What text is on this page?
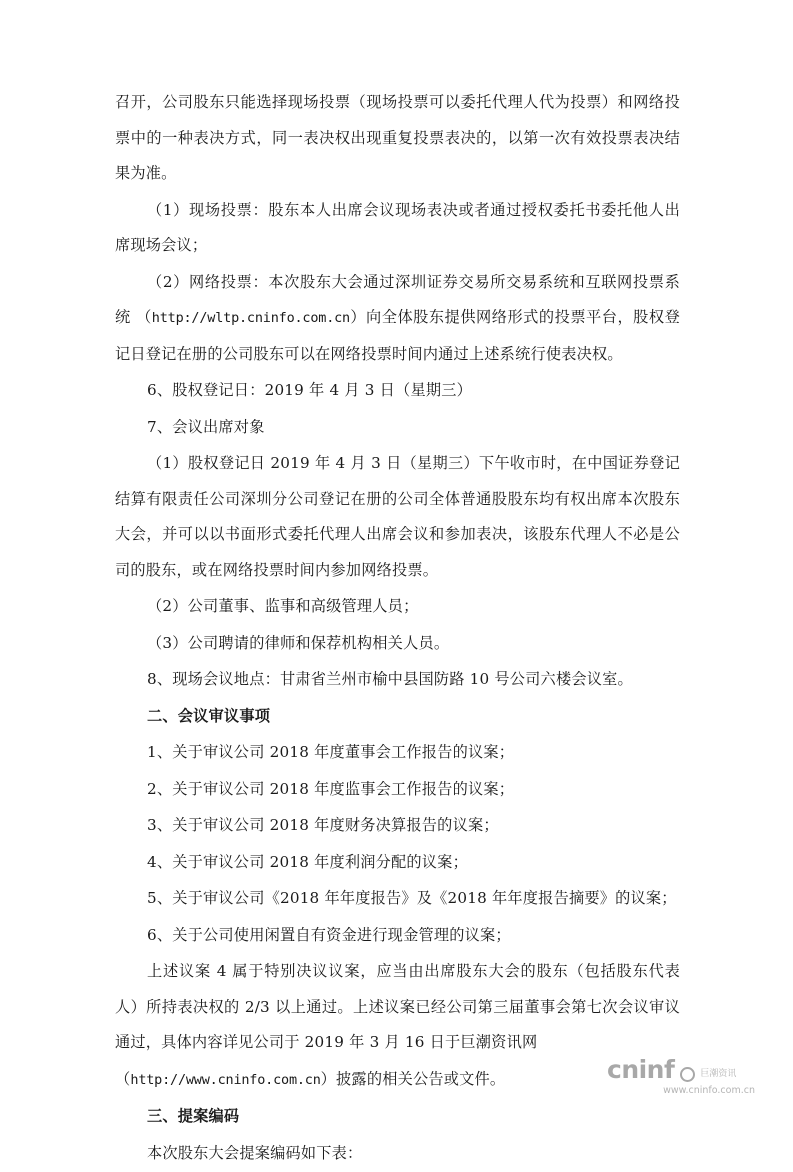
召开，公司股东只能选择现场投票（现场投票可以委托代理人代为投票）和网络投票中的一种表决方式，同一表决权出现重复投票表决的，以第一次有效投票表决结果为准。

（1）现场投票：股东本人出席会议现场表决或者通过授权委托书委托他人出席现场会议；

（2）网络投票：本次股东大会通过深圳证券交易所交易系统和互联网投票系统 （http://wltp.cninfo.com.cn）向全体股东提供网络形式的投票平台，股权登记日登记在册的公司股东可以在网络投票时间内通过上述系统行使表决权。

6、股权登记日：2019 年 4 月 3 日（星期三）

7、会议出席对象

（1）股权登记日 2019 年 4 月 3 日（星期三）下午收市时，在中国证券登记结算有限责任公司深圳分公司登记在册的公司全体普通股股东均有权出席本次股东大会，并可以以书面形式委托代理人出席会议和参加表决，该股东代理人不必是公司的股东，或在网络投票时间内参加网络投票。

（2）公司董事、监事和高级管理人员；

（3）公司聘请的律师和保荐机构相关人员。

8、现场会议地点：甘肃省兰州市榆中县国防路 10 号公司六楼会议室。

二、会议审议事项

1、关于审议公司 2018 年度董事会工作报告的议案；

2、关于审议公司 2018 年度监事会工作报告的议案；

3、关于审议公司 2018 年度财务决算报告的议案；

4、关于审议公司 2018 年度利润分配的议案；

5、关于审议公司《2018 年年度报告》及《2018 年年度报告摘要》的议案；

6、关于公司使用闲置自有资金进行现金管理的议案；

上述议案 4 属于特别决议议案，应当由出席股东大会的股东（包括股东代表人）所持表决权的 2/3 以上通过。上述议案已经公司第三届董事会第七次会议审议通过，具体内容详见公司于 2019 年 3 月 16 日于巨潮资讯网

（http://www.cninfo.com.cn）披露的相关公告或文件。

三、提案编码

本次股东大会提案编码如下表：

cninf	巨潮资讯
www.cninfo.com.cn
